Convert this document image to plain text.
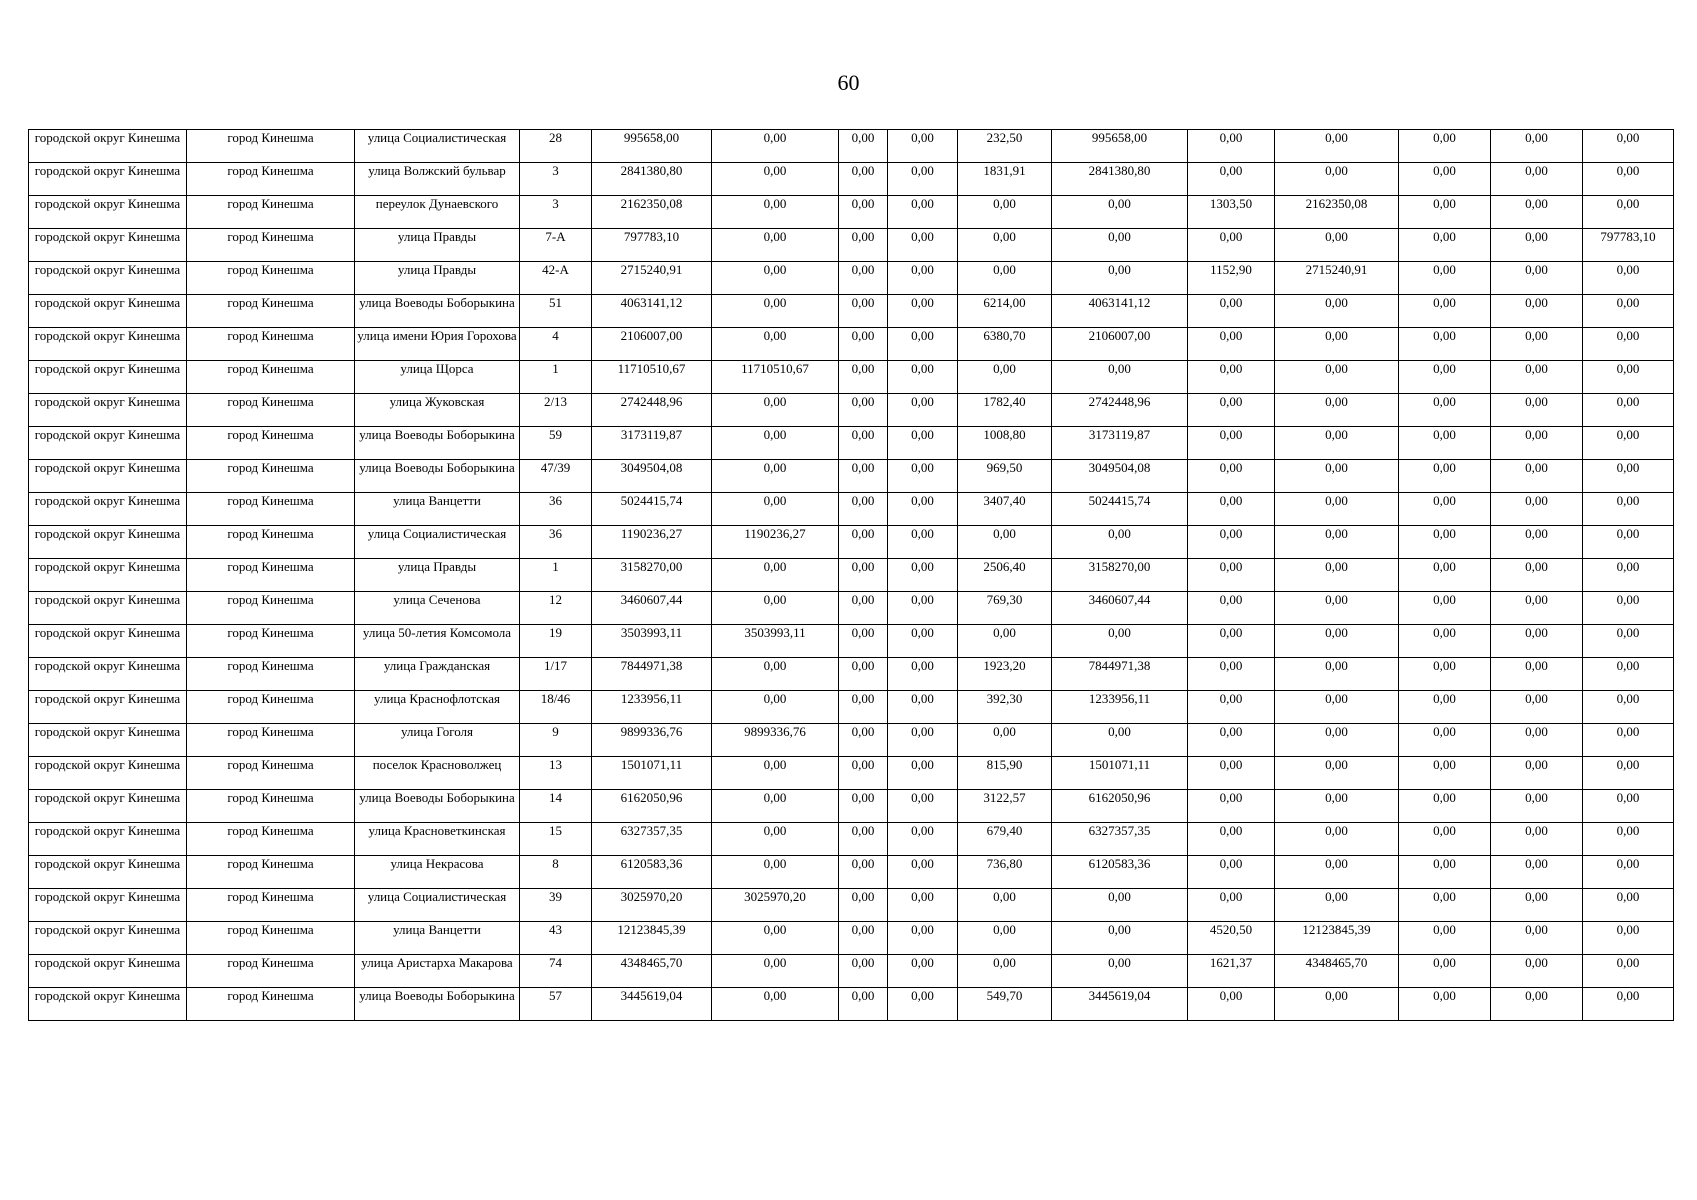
60
городской округ Кинешма	город Кинешма	улица Социалистическая	28	995658,00	0,00	0,00	0,00	232,50	995658,00	0,00	0,00	0,00	0,00	0,00
городской округ Кинешма	город Кинешма	улица Волжский бульвар	3	2841380,80	0,00	0,00	0,00	1831,91	2841380,80	0,00	0,00	0,00	0,00	0,00
городской округ Кинешма	город Кинешма	переулок Дунаевского	3	2162350,08	0,00	0,00	0,00	0,00	0,00	1303,50	2162350,08	0,00	0,00	0,00
городской округ Кинешма	город Кинешма	улица Правды	7-А	797783,10	0,00	0,00	0,00	0,00	0,00	0,00	0,00	0,00	0,00	797783,10
городской округ Кинешма	город Кинешма	улица Правды	42-А	2715240,91	0,00	0,00	0,00	0,00	0,00	1152,90	2715240,91	0,00	0,00	0,00
городской округ Кинешма	город Кинешма	улица Воеводы Боборыкина	51	4063141,12	0,00	0,00	0,00	6214,00	4063141,12	0,00	0,00	0,00	0,00	0,00
городской округ Кинешма	город Кинешма	улица имени Юрия Горохова	4	2106007,00	0,00	0,00	0,00	6380,70	2106007,00	0,00	0,00	0,00	0,00	0,00
городской округ Кинешма	город Кинешма	улица Щорса	1	11710510,67	11710510,67	0,00	0,00	0,00	0,00	0,00	0,00	0,00	0,00	0,00
городской округ Кинешма	город Кинешма	улица Жуковская	2/13	2742448,96	0,00	0,00	0,00	1782,40	2742448,96	0,00	0,00	0,00	0,00	0,00
городской округ Кинешма	город Кинешма	улица Воеводы Боборыкина	59	3173119,87	0,00	0,00	0,00	1008,80	3173119,87	0,00	0,00	0,00	0,00	0,00
городской округ Кинешма	город Кинешма	улица Воеводы Боборыкина	47/39	3049504,08	0,00	0,00	0,00	969,50	3049504,08	0,00	0,00	0,00	0,00	0,00
городской округ Кинешма	город Кинешма	улица Ванцетти	36	5024415,74	0,00	0,00	0,00	3407,40	5024415,74	0,00	0,00	0,00	0,00	0,00
городской округ Кинешма	город Кинешма	улица Социалистическая	36	1190236,27	1190236,27	0,00	0,00	0,00	0,00	0,00	0,00	0,00	0,00	0,00
городской округ Кинешма	город Кинешма	улица Правды	1	3158270,00	0,00	0,00	0,00	2506,40	3158270,00	0,00	0,00	0,00	0,00	0,00
городской округ Кинешма	город Кинешма	улица Сеченова	12	3460607,44	0,00	0,00	0,00	769,30	3460607,44	0,00	0,00	0,00	0,00	0,00
городской округ Кинешма	город Кинешма	улица 50-летия Комсомола	19	3503993,11	3503993,11	0,00	0,00	0,00	0,00	0,00	0,00	0,00	0,00	0,00
городской округ Кинешма	город Кинешма	улица Гражданская	1/17	7844971,38	0,00	0,00	0,00	1923,20	7844971,38	0,00	0,00	0,00	0,00	0,00
городской округ Кинешма	город Кинешма	улица Краснофлотская	18/46	1233956,11	0,00	0,00	0,00	392,30	1233956,11	0,00	0,00	0,00	0,00	0,00
городской округ Кинешма	город Кинешма	улица Гоголя	9	9899336,76	9899336,76	0,00	0,00	0,00	0,00	0,00	0,00	0,00	0,00	0,00
городской округ Кинешма	город Кинешма	поселок Красноволжец	13	1501071,11	0,00	0,00	0,00	815,90	1501071,11	0,00	0,00	0,00	0,00	0,00
городской округ Кинешма	город Кинешма	улица Воеводы Боборыкина	14	6162050,96	0,00	0,00	0,00	3122,57	6162050,96	0,00	0,00	0,00	0,00	0,00
городской округ Кинешма	город Кинешма	улица Красноветкинская	15	6327357,35	0,00	0,00	0,00	679,40	6327357,35	0,00	0,00	0,00	0,00	0,00
городской округ Кинешма	город Кинешма	улица Некрасова	8	6120583,36	0,00	0,00	0,00	736,80	6120583,36	0,00	0,00	0,00	0,00	0,00
городской округ Кинешма	город Кинешма	улица Социалистическая	39	3025970,20	3025970,20	0,00	0,00	0,00	0,00	0,00	0,00	0,00	0,00	0,00
городской округ Кинешма	город Кинешма	улица Ванцетти	43	12123845,39	0,00	0,00	0,00	0,00	0,00	4520,50	12123845,39	0,00	0,00	0,00
городской округ Кинешма	город Кинешма	улица Аристарха Макарова	74	4348465,70	0,00	0,00	0,00	0,00	0,00	1621,37	4348465,70	0,00	0,00	0,00
городской округ Кинешма	город Кинешма	улица Воеводы Боборыкина	57	3445619,04	0,00	0,00	0,00	549,70	3445619,04	0,00	0,00	0,00	0,00	0,00
